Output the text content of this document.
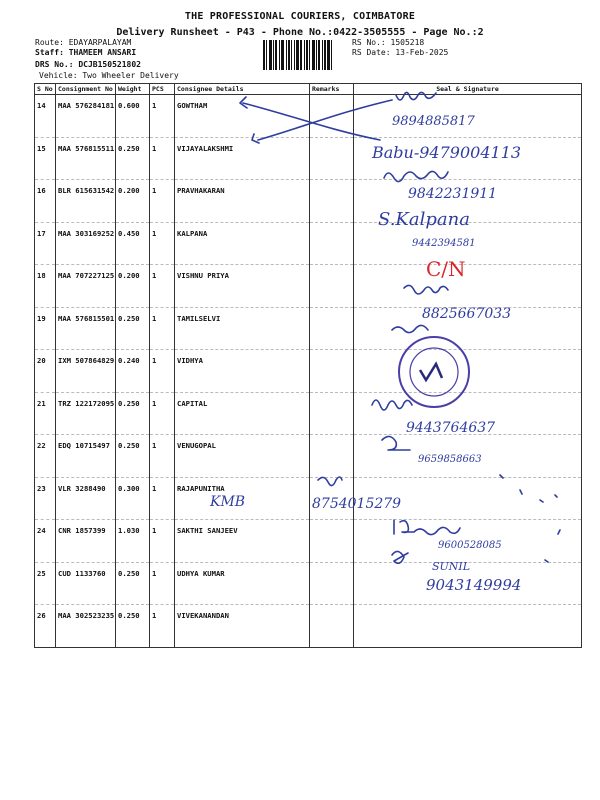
THE PROFESSIONAL COURIERS, COIMBATORE
Delivery Runsheet - P43 - Phone No.:0422-3505555 - Page No.:2
Route: EDAYARPALAYAM
Staff: THAMEEM ANSARI
DRS No.: DCJB150521802
Vehicle: Two Wheeler Delivery
RS No.: 1505218
RS Date: 13-Feb-2025
S No	Consignment No	Weight	PCS	Consignee Details	Remarks	Seal & Signature
14	MAA 576284181	0.600	1	GOWTHAM		
15	MAA 576815511	0.250	1	VIJAYALAKSHMI		
16	BLR 615631542	0.200	1	PRAVHAKARAN		
17	MAA 303169252	0.450	1	KALPANA		
18	MAA 707227125	0.200	1	VISHNU PRIYA		
19	MAA 576815501	0.250	1	TAMILSELVI		
20	IXM 507864829	0.240	1	VIDHYA		
21	TRZ 122172095	0.250	1	CAPITAL		
22	EDQ 10715497	0.250	1	VENUGOPAL		
23	VLR 3288490	0.300	1	RAJAPUNITHA		
24	CNR 1857399	1.030	1	SAKTHI SANJEEV		
25	CUD 1133760	0.250	1	UDHYA KUMAR		
26	MAA 302523235	0.250	1	VIVEKANANDAN		
9894885817
Babu-9479004113
9842231911
S.Kalpana
9442394581
C/N
8825667033
9443764637
9659858663
8754015279
KMB
9600528085
SUNIL
9043149994
